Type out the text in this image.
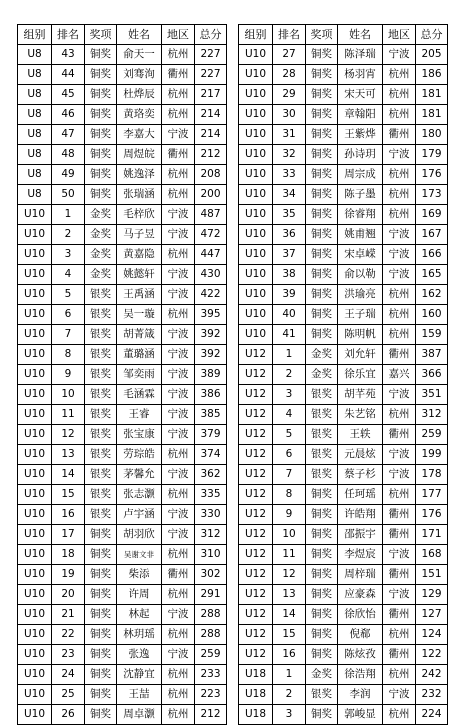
组别	排名	奖项	姓名	地区	总分
U8	43	铜奖	俞天一	杭州	227
U8	44	铜奖	刘骞洵	衢州	227
U8	45	铜奖	杜烨辰	杭州	217
U8	46	铜奖	黄珞奕	杭州	214
U8	47	铜奖	李嘉大	宁波	214
U8	48	铜奖	周煜皖	衢州	212
U8	49	铜奖	姚逸泽	杭州	208
U8	50	铜奖	张瑞涵	杭州	200
U10	1	金奖	毛梓欣	宁波	487
U10	2	金奖	马子昱	宁波	472
U10	3	金奖	黄嘉隐	杭州	447
U10	4	金奖	姚懿轩	宁波	430
U10	5	银奖	王禹涵	宁波	422
U10	6	银奖	吴一璇	杭州	395
U10	7	银奖	胡菁箴	宁波	392
U10	8	银奖	董璐涵	宁波	392
U10	9	银奖	邹奕雨	宁波	389
U10	10	银奖	毛涵霖	宁波	386
U10	11	银奖	王睿	宁波	385
U10	12	银奖	张宝康	宁波	379
U10	13	银奖	劳琮皓	杭州	374
U10	14	银奖	茅馨允	宁波	362
U10	15	银奖	张志灏	杭州	335
U10	16	银奖	卢宇涵	宁波	330
U10	17	铜奖	胡羽欣	宁波	312
U10	18	铜奖	吴谢文非	杭州	310
U10	19	铜奖	柴添	衢州	302
U10	20	铜奖	许周	杭州	291
U10	21	铜奖	林起	宁波	288
U10	22	铜奖	林玥瑶	杭州	288
U10	23	铜奖	张逸	宁波	259
U10	24	铜奖	沈静宜	杭州	233
U10	25	铜奖	王喆	杭州	223
U10	26	铜奖	周卓灏	杭州	212
组别	排名	奖项	姓名	地区	总分
U10	27	铜奖	陈泽瑞	宁波	205
U10	28	铜奖	杨羽宵	杭州	186
U10	29	铜奖	宋天可	杭州	181
U10	30	铜奖	章翰阳	杭州	181
U10	31	铜奖	王紫烨	衢州	180
U10	32	铜奖	孙诗玥	宁波	179
U10	33	铜奖	周宗成	杭州	176
U10	34	铜奖	陈子墨	杭州	173
U10	35	铜奖	徐睿翔	杭州	169
U10	36	铜奖	姚甫翘	宁波	167
U10	37	铜奖	宋卓嵘	宁波	166
U10	38	铜奖	俞以勒	宁波	165
U10	39	铜奖	洪瑜亮	杭州	162
U10	40	铜奖	王子瑞	杭州	160
U10	41	铜奖	陈明帆	杭州	159
U12	1	金奖	刘允轩	衢州	387
U12	2	金奖	徐乐宜	嘉兴	366
U12	3	银奖	胡芊苑	宁波	351
U12	4	银奖	朱艺铭	杭州	312
U12	5	银奖	王轶	衢州	259
U12	6	银奖	元晨炫	宁波	199
U12	7	银奖	蔡子杉	宁波	178
U12	8	铜奖	任珂瑶	杭州	177
U12	9	铜奖	许皓翔	衢州	176
U12	10	铜奖	邵振宇	衢州	171
U12	11	铜奖	李煜宸	宁波	168
U12	12	铜奖	周梓瑞	衢州	151
U12	13	铜奖	应豪森	宁波	129
U12	14	铜奖	徐欣怡	衢州	127
U12	15	铜奖	倪郗	杭州	124
U12	16	铜奖	陈炫孜	衢州	122
U18	1	金奖	徐浩翔	杭州	242
U18	2	银奖	李润	宁波	232
U18	3	铜奖	郭峻显	杭州	224
